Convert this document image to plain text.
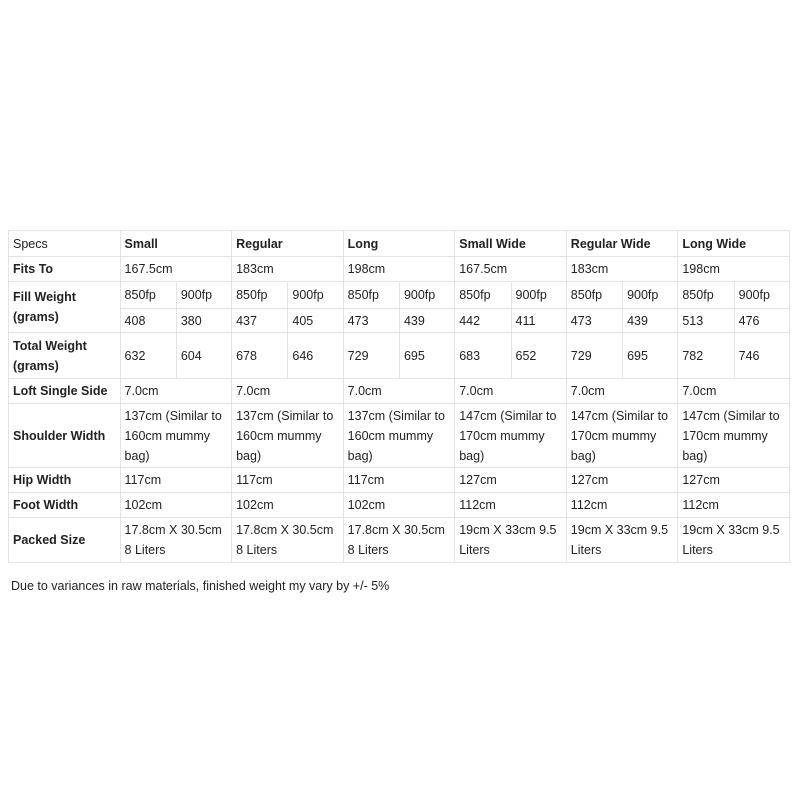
Specs	Small		Regular		Long		Small Wide		Regular Wide		Long Wide	
Fits To	167.5cm		183cm		198cm		167.5cm		183cm		198cm	
Fill Weight (grams)	850fp	900fp	850fp	900fp	850fp	900fp	850fp	900fp	850fp	900fp	850fp	900fp
	408	380	437	405	473	439	442	411	473	439	513	476
Total Weight (grams)	632	604	678	646	729	695	683	652	729	695	782	746
Loft Single Side	7.0cm		7.0cm		7.0cm		7.0cm		7.0cm		7.0cm	
Shoulder Width	137cm (Similar to 160cm mummy bag)		137cm (Similar to 160cm mummy bag)		137cm (Similar to 160cm mummy bag)		147cm (Similar to 170cm mummy bag)		147cm (Similar to 170cm mummy bag)		147cm (Similar to 170cm mummy bag)	
Hip Width	117cm		117cm		117cm		127cm		127cm		127cm	
Foot Width	102cm		102cm		102cm		112cm		112cm		112cm	
Packed Size	17.8cm X 30.5cm 8 Liters		17.8cm X 30.5cm 8 Liters		17.8cm X 30.5cm 8 Liters		19cm X 33cm 9.5 Liters		19cm X 33cm 9.5 Liters		19cm X 33cm 9.5 Liters	
Due to variances in raw materials, finished weight my vary by +/- 5%
